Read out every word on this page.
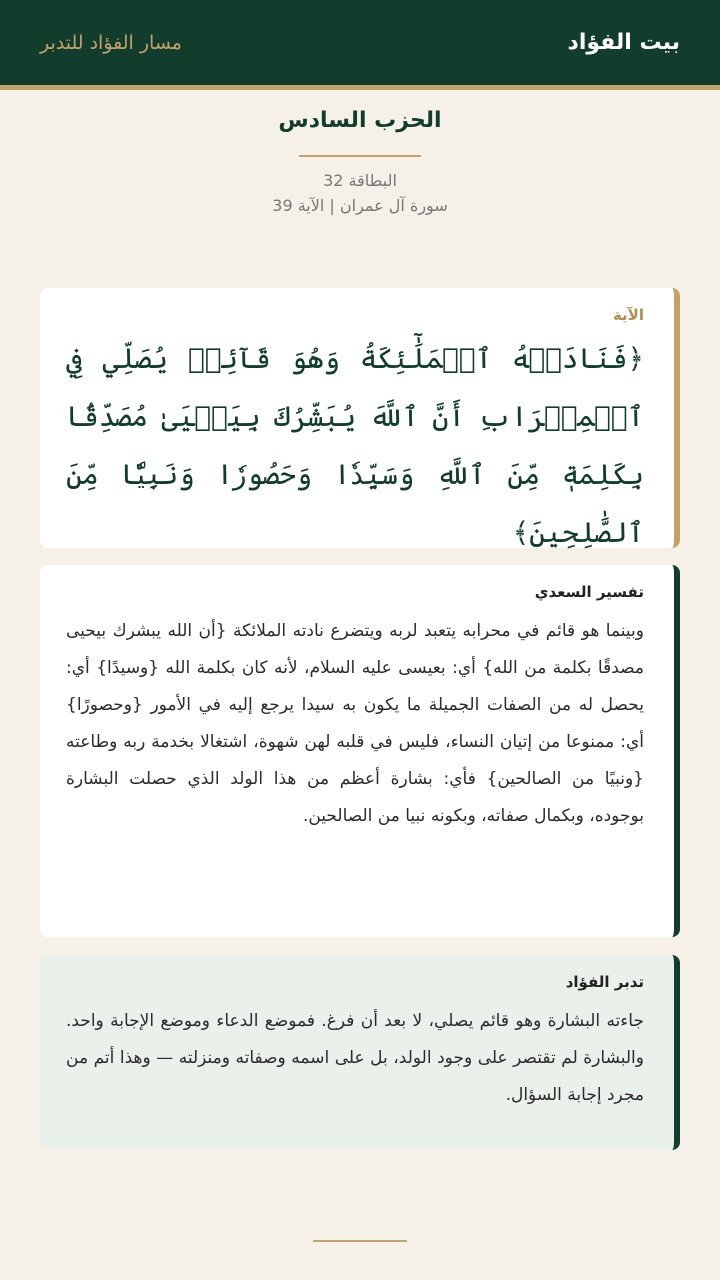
بيت الفؤاد
مسار الفؤاد للتدبر
الحزب السادس
البطاقة 32
سورة آل عمران | الآية 39
الآية
﴿فَنَادَتۡهُ ٱلۡمَلَٰٓئِكَةُ وَهُوَ قَآئِمٞ يُصَلِّي فِي ٱلۡمِحۡرَابِ أَنَّ ٱللَّهَ يُبَشِّرُكَ بِيَحۡيَىٰ مُصَدِّقَۢا بِكَلِمَةٖ مِّنَ ٱللَّهِ وَسَيِّدٗا وَحَصُورٗا وَنَبِيّٗا مِّنَ ٱلصَّٰلِحِينَ﴾
تفسير السعدي
وبينما هو قائم في محرابه يتعبد لربه ويتضرع نادته الملائكة {أن الله يبشرك بيحيى مصدقًا بكلمة من الله} أي: بعيسى عليه السلام، لأنه كان بكلمة الله {وسيدًا} أي: يحصل له من الصفات الجميلة ما يكون به سيدا يرجع إليه في الأمور {وحصورًا} أي: ممنوعا من إتيان النساء، فليس في قلبه لهن شهوة، اشتغالا بخدمة ربه وطاعته {ونبيًا من الصالحين} فأي: بشارة أعظم من هذا الولد الذي حصلت البشارة بوجوده، وبكمال صفاته، وبكونه نبيا من الصالحين.
تدبر الفؤاد
جاءته البشارة وهو قائم يصلي، لا بعد أن فرغ. فموضع الدعاء وموضع الإجابة واحد. والبشارة لم تقتصر على وجود الولد، بل على اسمه وصفاته ومنزلته — وهذا أتم من مجرد إجابة السؤال.
